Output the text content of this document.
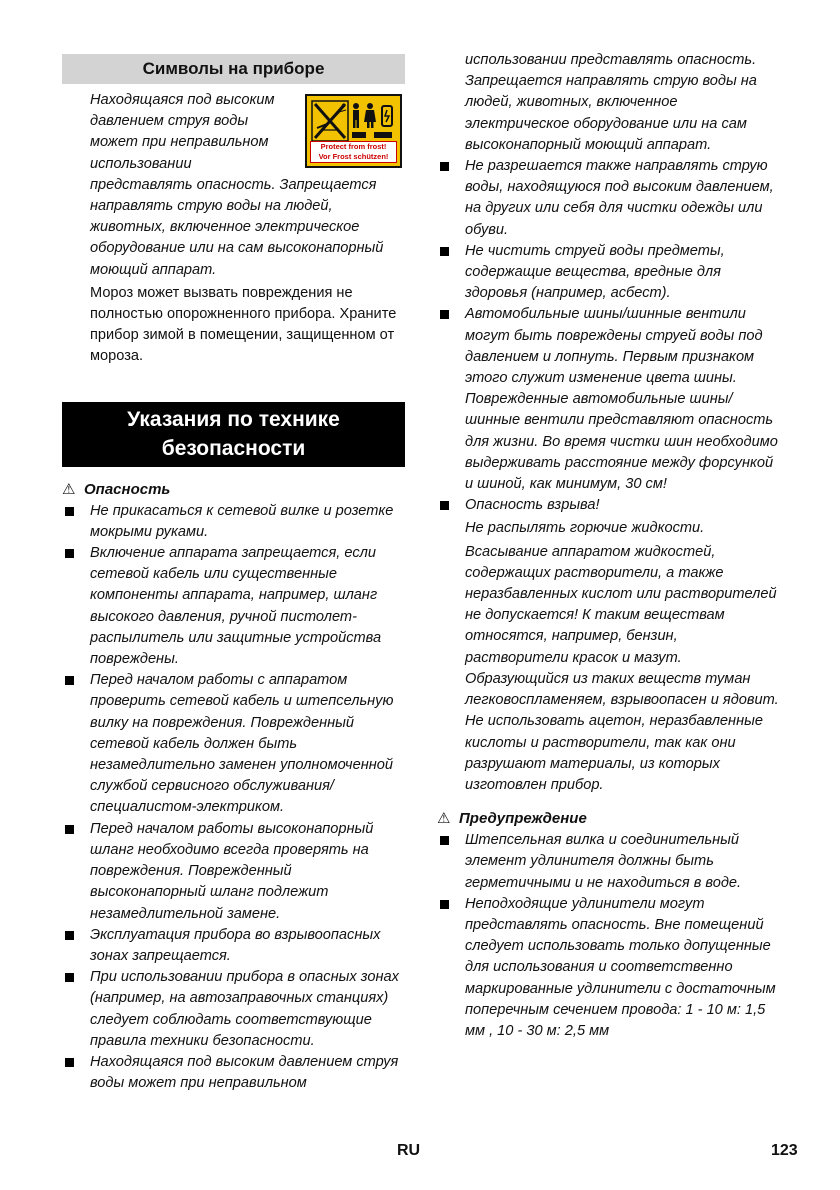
Символы на приборе
Protect from frost!
Vor Frost schützen!

Находящаяся под высоким давлением струя воды может при неправильном использовании

представлять опасность. Запрещается направлять струю воды на людей, животных, включенное электрическое оборудование или на сам высоконапорный моющий аппарат.

Мороз может вызвать повреждения не полностью опорожненного прибора. Храните прибор зимой в помещении, защищенном от мороза.

Указания по технике безопасности
⚠ Опасность
Не прикасаться к сетевой вилке и розетке мокрыми руками.
Включение аппарата запрещается, если сетевой кабель или существенные компоненты аппарата, например, шланг высокого давления, ручной пистолет-распылитель или защитные устройства повреждены.
Перед началом работы с аппаратом проверить сетевой кабель и штепсельную вилку на повреждения. Поврежденный сетевой кабель должен быть незамедлительно заменен уполномоченной службой сервисного обслуживания/специалистом-электриком.
Перед началом работы высоконапорный шланг необходимо всегда проверять на повреждения. Поврежденный высоконапорный шланг подлежит незамедлительной замене.
Эксплуатация прибора во взрывоопасных зонах запрещается.
При использовании прибора в опасных зонах (например, на автозаправочных станциях) следует соблюдать соответствующие правила техники безопасности.
Находящаяся под высоким давлением струя воды может при неправильном
использовании представлять опасность. Запрещается направлять струю воды на людей, животных, включенное электрическое оборудование или на сам высоконапорный моющий аппарат.
Не разрешается также направлять струю воды, находящуюся под высоким давлением, на других или себя для чистки одежды или обуви.
Не чистить струей воды предметы, содержащие вещества, вредные для здоровья (например, асбест).
Автомобильные шины/шинные вентили могут быть повреждены струей воды под давлением и лопнуть. Первым признаком этого служит изменение цвета шины. Поврежденные автомобильные шины/шинные вентили представляют опасность для жизни. Во время чистки шин необходимо выдерживать расстояние между форсункой и шиной, как минимум, 30 см!
Опасность взрыва!

Не распылять горючие жидкости.

Всасывание аппаратом жидкостей, содержащих растворители, а также неразбавленных кислот или растворителей не допускается! К таким веществам относятся, например, бензин, растворители красок и мазут. Образующийся из таких веществ туман легковоспламеняем, взрывоопасен и ядовит. Не использовать ацетон, неразбавленные кислоты и растворители, так как они разрушают материалы, из которых изготовлен прибор.

⚠ Предупреждение
Штепсельная вилка и соединительный элемент удлинителя должны быть герметичными и не находиться в воде.
Неподходящие удлинители могут представлять опасность. Вне помещений следует использовать только допущенные для использования и соответственно маркированные удлинители с достаточным поперечным сечением провода: 1 - 10 м: 1,5 мм , 10 - 30 м: 2,5 мм
RU	123
